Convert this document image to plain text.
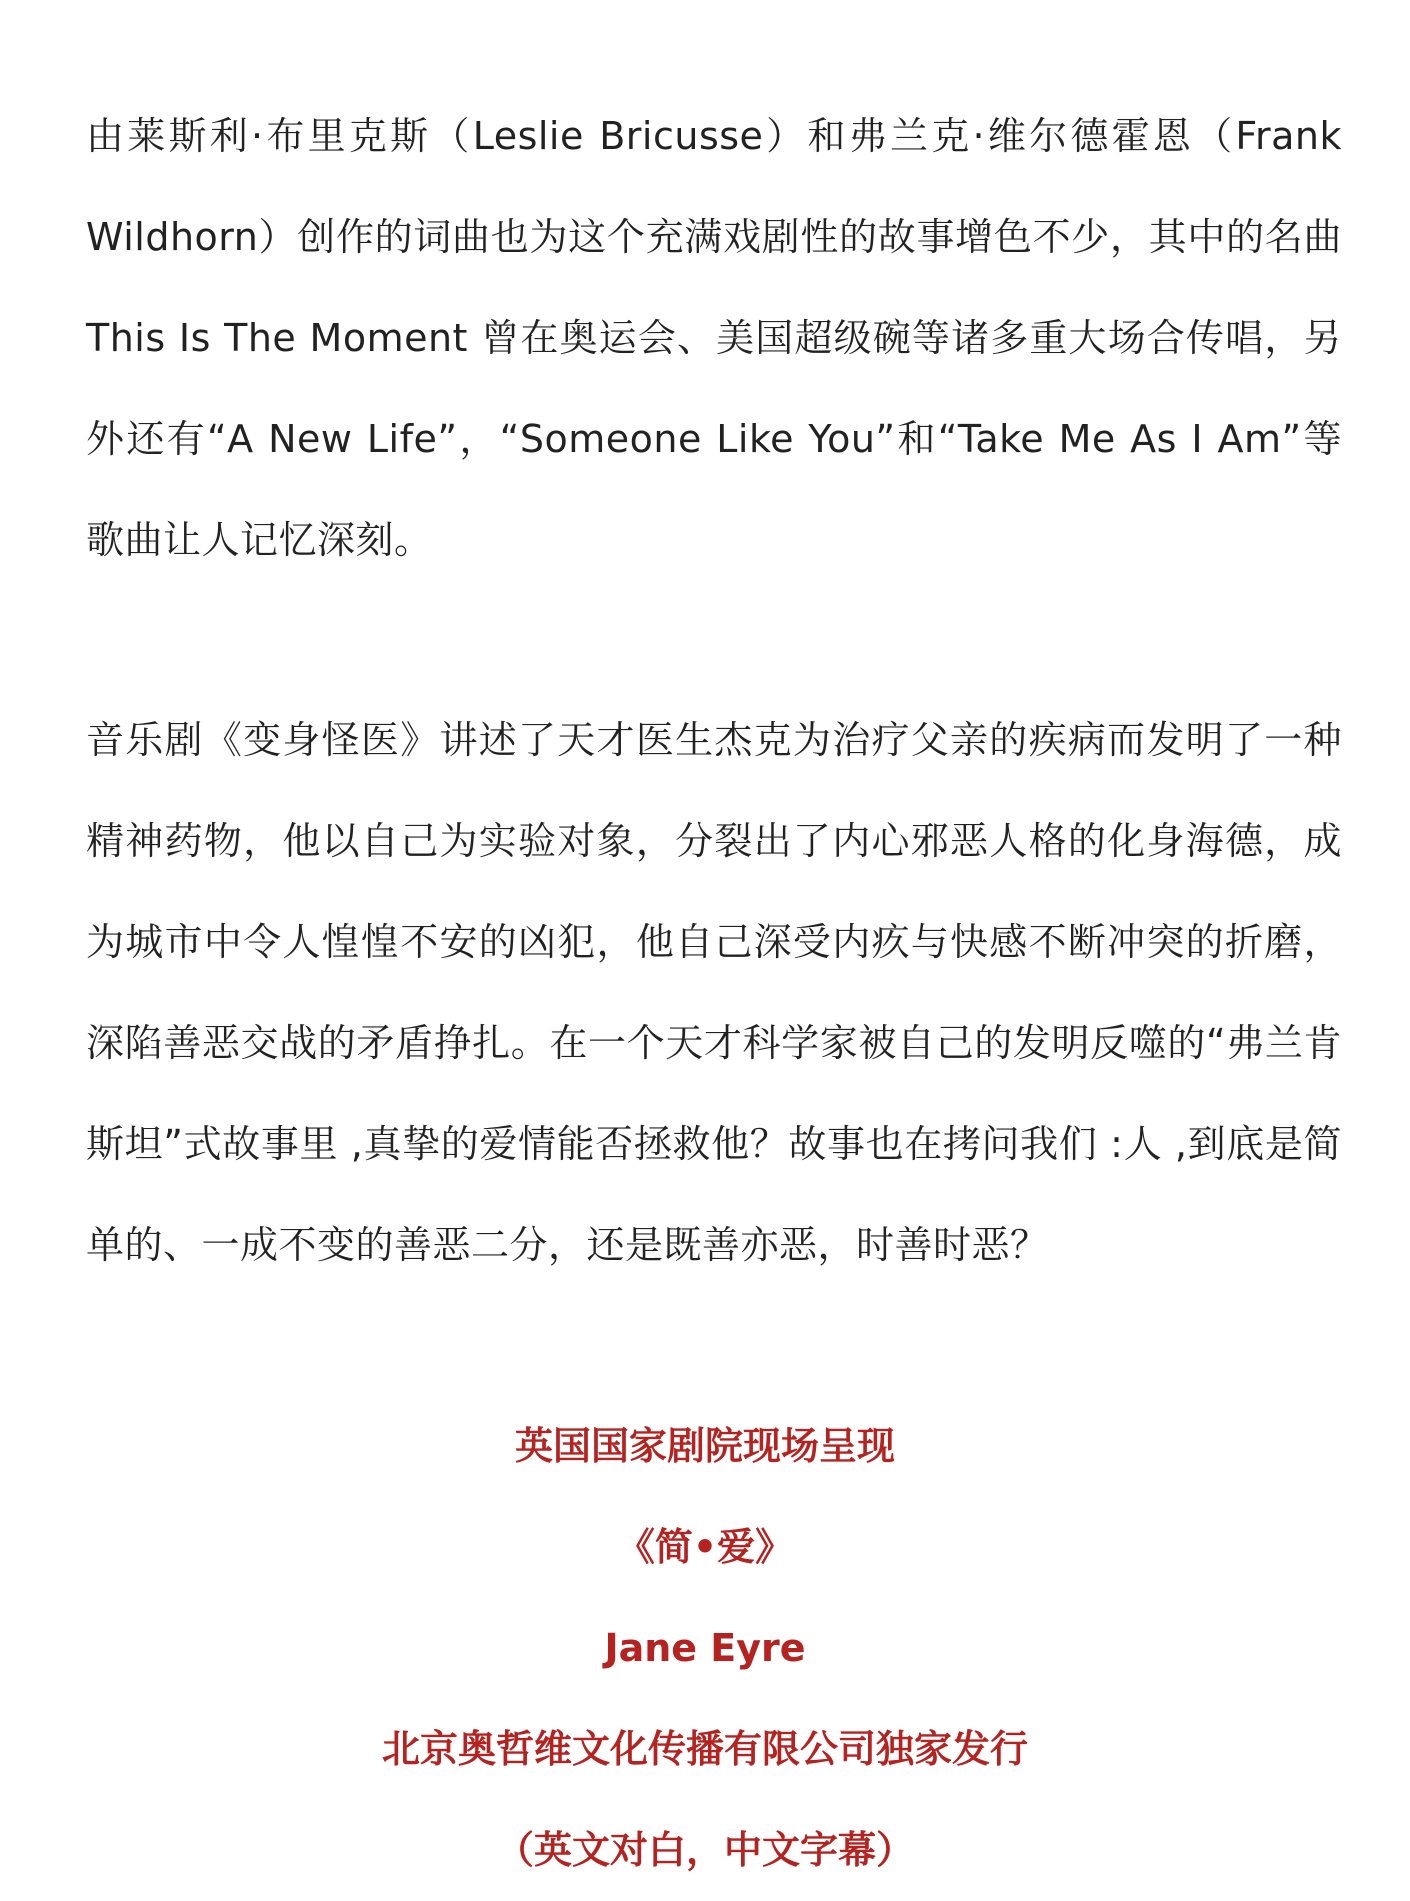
由莱斯利·布里克斯（Leslie Bricusse）和弗兰克·维尔德霍恩（Frank Wildhorn）创作的词曲也为这个充满戏剧性的故事增色不少，其中的名曲This Is The Moment 曾在奥运会、美国超级碗等诸多重大场合传唱，另外还有“A New Life”，“Someone Like You”和“Take Me As I Am”等歌曲让人记忆深刻。

音乐剧《变身怪医》讲述了天才医生杰克为治疗父亲的疾病而发明了一种精神药物，他以自己为实验对象，分裂出了内心邪恶人格的化身海德，成为城市中令人惶惶不安的凶犯，他自己深受内疚与快感不断冲突的折磨，深陷善恶交战的矛盾挣扎。在一个天才科学家被自己的发明反噬的“弗兰肯斯坦”式故事里 ,真挚的爱情能否拯救他？故事也在拷问我们 :人 ,到底是简单的、一成不变的善恶二分，还是既善亦恶，时善时恶？

英国国家剧院现场呈现

《简•爱》

Jane Eyre

北京奥哲维文化传播有限公司独家发行

（英文对白，中文字幕）
